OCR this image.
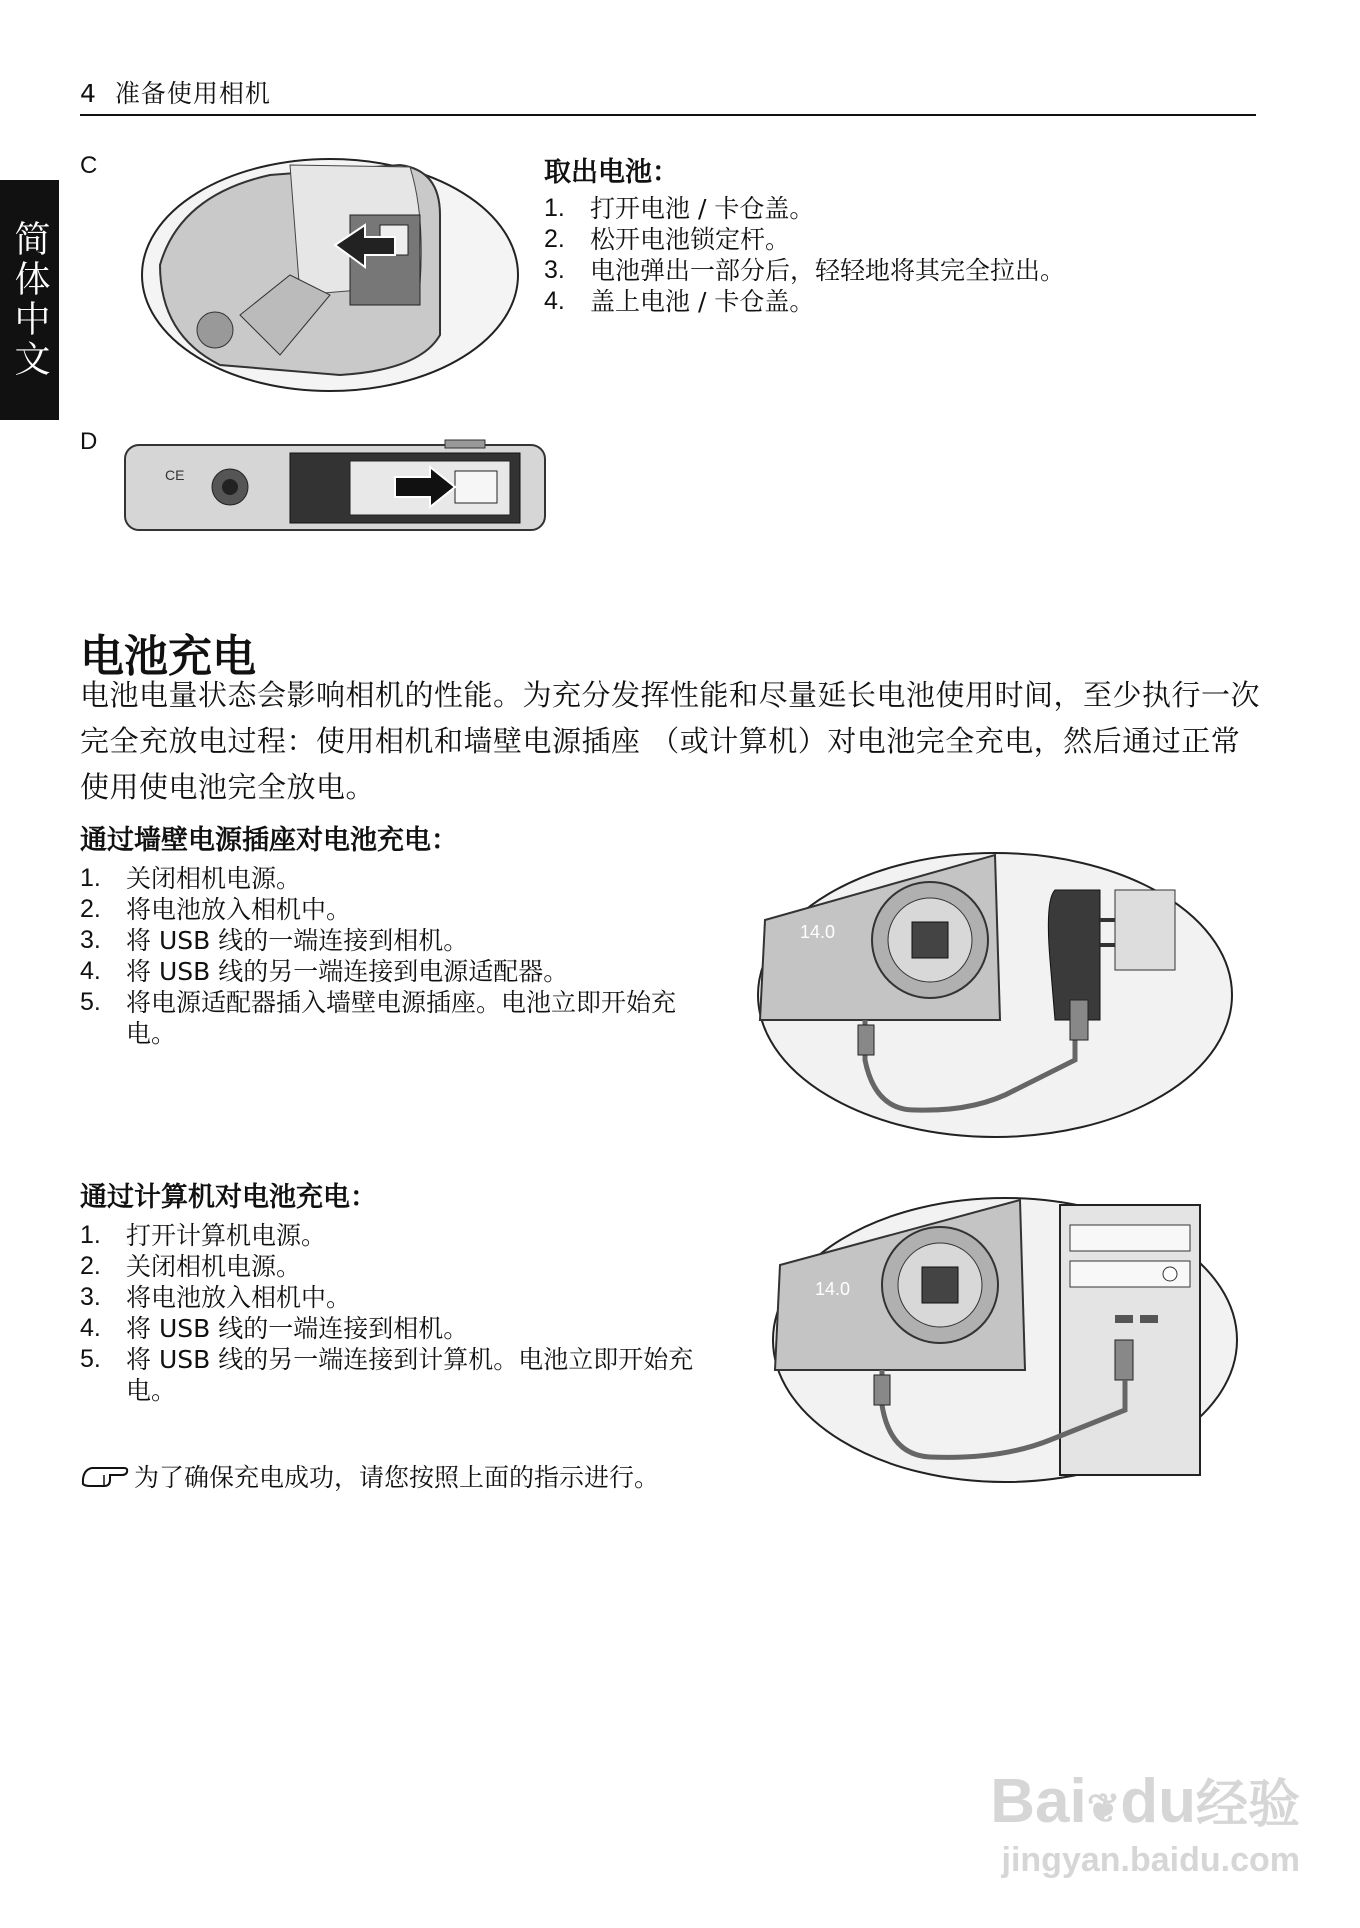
4 准备使用相机
简体中文
C	取出电池：
1.	打开电池 / 卡仓盖。
2.	松开电池锁定杆。
3.	电池弹出一部分后，轻轻地将其完全拉出。
4.	盖上电池 / 卡仓盖。
D
CE
电池充电
电池电量状态会影响相机的性能。为充分发挥性能和尽量延长电池使用时间，至少执行一次完全充放电过程：使用相机和墙壁电源插座 （或计算机）对电池完全充电，然后通过正常使用使电池完全放电。
通过墙壁电源插座对电池充电：
1.	关闭相机电源。
2.	将电池放入相机中。
3.	将 USB 线的一端连接到相机。
4.	将 USB 线的另一端连接到电源适配器。
5.	将电源适配器插入墙壁电源插座。电池立即开始充电。
14.0
通过计算机对电池充电：
1.	打开计算机电源。
2.	关闭相机电源。
3.	将电池放入相机中。
4.	将 USB 线的一端连接到相机。
5.	将 USB 线的另一端连接到计算机。电池立即开始充电。
14.0
为了确保充电成功，请您按照上面的指示进行。
Bai❦du经验
jingyan.baidu.com
